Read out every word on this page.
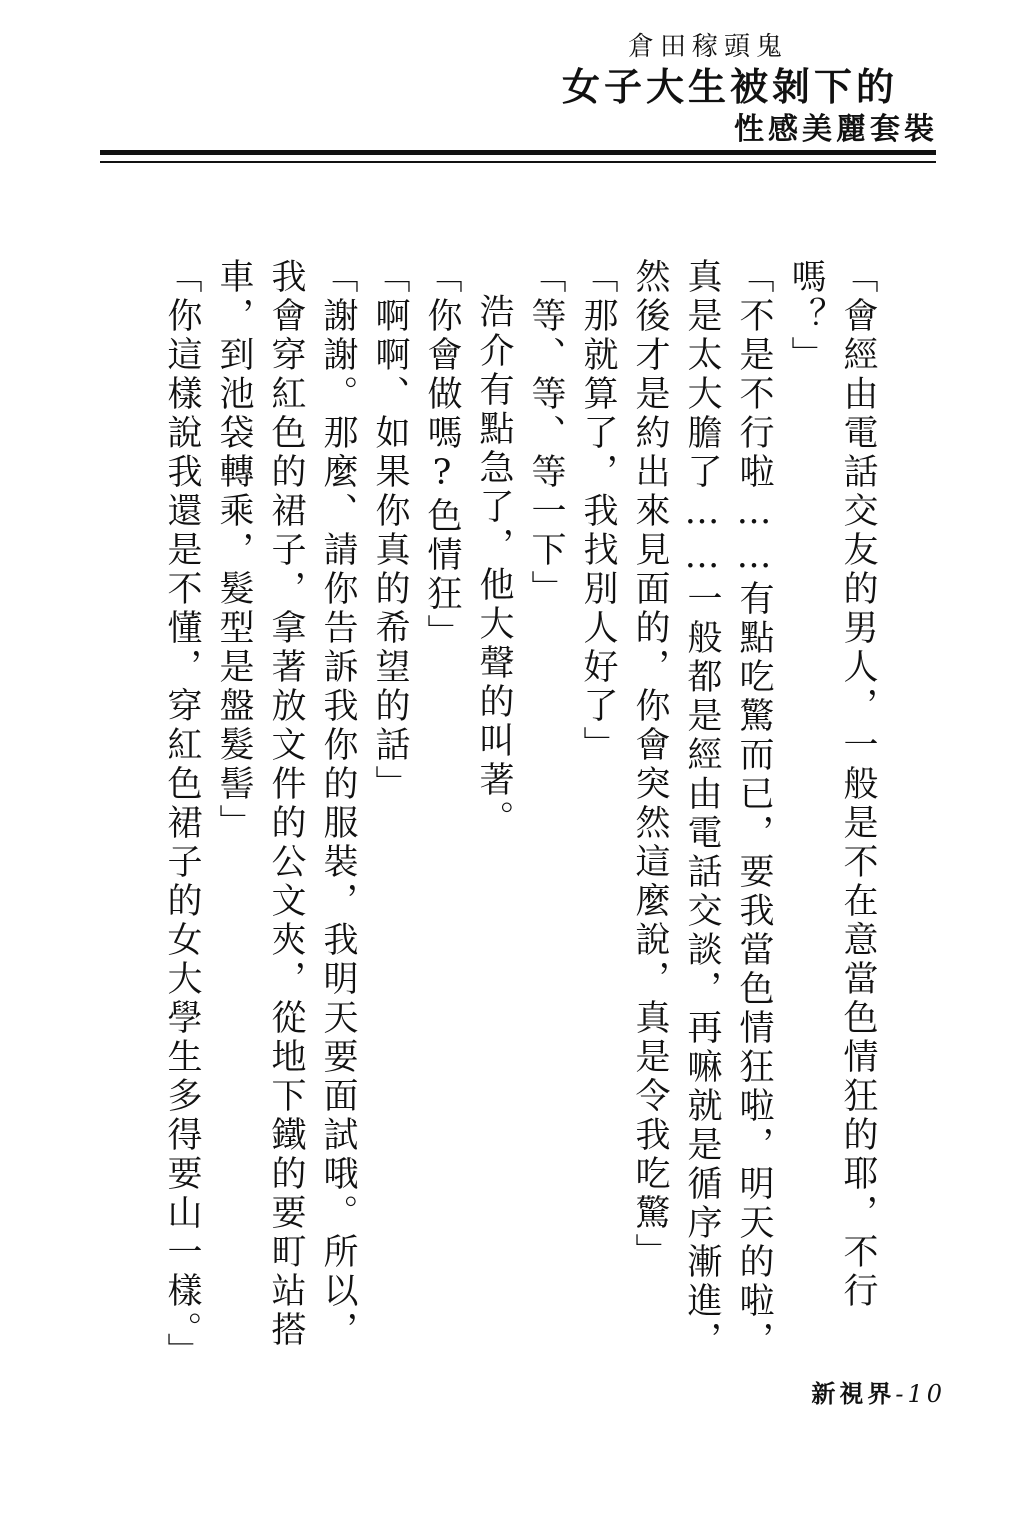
倉田稼頭鬼
女子大生被剝下的
性感美麗套裝

「會經由電話交友的男人，一般是不在意當色情狂的耶，不行嗎？」

「不是不行啦……有點吃驚而已，要我當色情狂啦，明天的啦，真是太大膽了……一般都是經由電話交談，再嘛就是循序漸進，然後才是約出來見面的，你會突然這麼說，真是令我吃驚」

「那就算了，我找別人好了」

「等、等、等一下」

浩介有點急了，他大聲的叫著。

「你會做嗎?色情狂」

「啊啊、如果你真的希望的話」

「謝謝。那麼、請你告訴我你的服裝，我明天要面試哦。所以，我會穿紅色的裙子，拿著放文件的公文夾，從地下鐵的要町站搭車，到池袋轉乘，髮型是盤髮髻」

「你這樣說我還是不懂，穿紅色裙子的女大學生多得要山一樣。」

新視界-10
